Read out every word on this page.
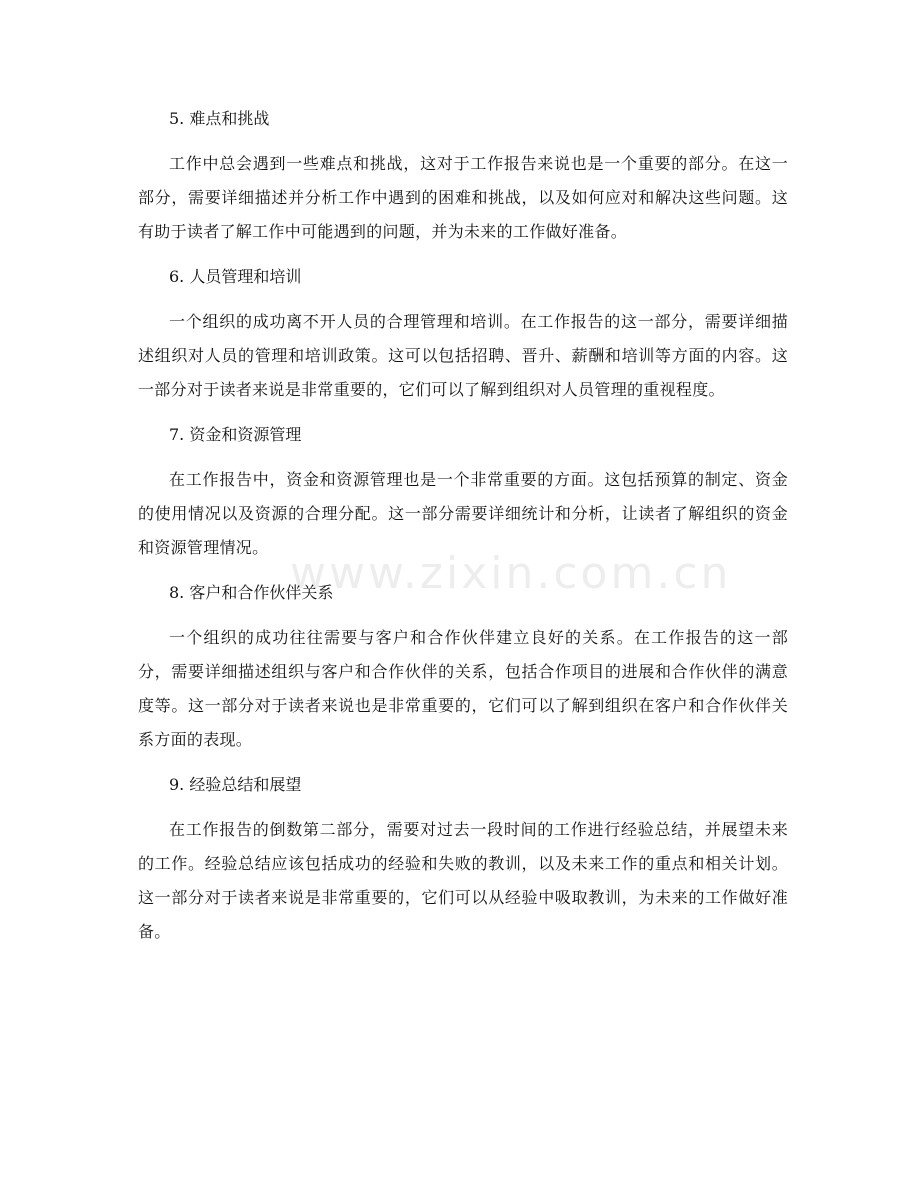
5. 难点和挑战

工作中总会遇到一些难点和挑战，这对于工作报告来说也是一个重要的部分。在这一部分，需要详细描述并分析工作中遇到的困难和挑战，以及如何应对和解决这些问题。这有助于读者了解工作中可能遇到的问题，并为未来的工作做好准备。

6. 人员管理和培训

一个组织的成功离不开人员的合理管理和培训。在工作报告的这一部分，需要详细描述组织对人员的管理和培训政策。这可以包括招聘、晋升、薪酬和培训等方面的内容。这一部分对于读者来说是非常重要的，它们可以了解到组织对人员管理的重视程度。

7. 资金和资源管理

在工作报告中，资金和资源管理也是一个非常重要的方面。这包括预算的制定、资金的使用情况以及资源的合理分配。这一部分需要详细统计和分析，让读者了解组织的资金和资源管理情况。

8. 客户和合作伙伴关系

一个组织的成功往往需要与客户和合作伙伴建立良好的关系。在工作报告的这一部分，需要详细描述组织与客户和合作伙伴的关系，包括合作项目的进展和合作伙伴的满意度等。这一部分对于读者来说也是非常重要的，它们可以了解到组织在客户和合作伙伴关系方面的表现。

9. 经验总结和展望

在工作报告的倒数第二部分，需要对过去一段时间的工作进行经验总结，并展望未来的工作。经验总结应该包括成功的经验和失败的教训，以及未来工作的重点和相关计划。这一部分对于读者来说是非常重要的，它们可以从经验中吸取教训，为未来的工作做好准备。

www.zixin.com.cn
